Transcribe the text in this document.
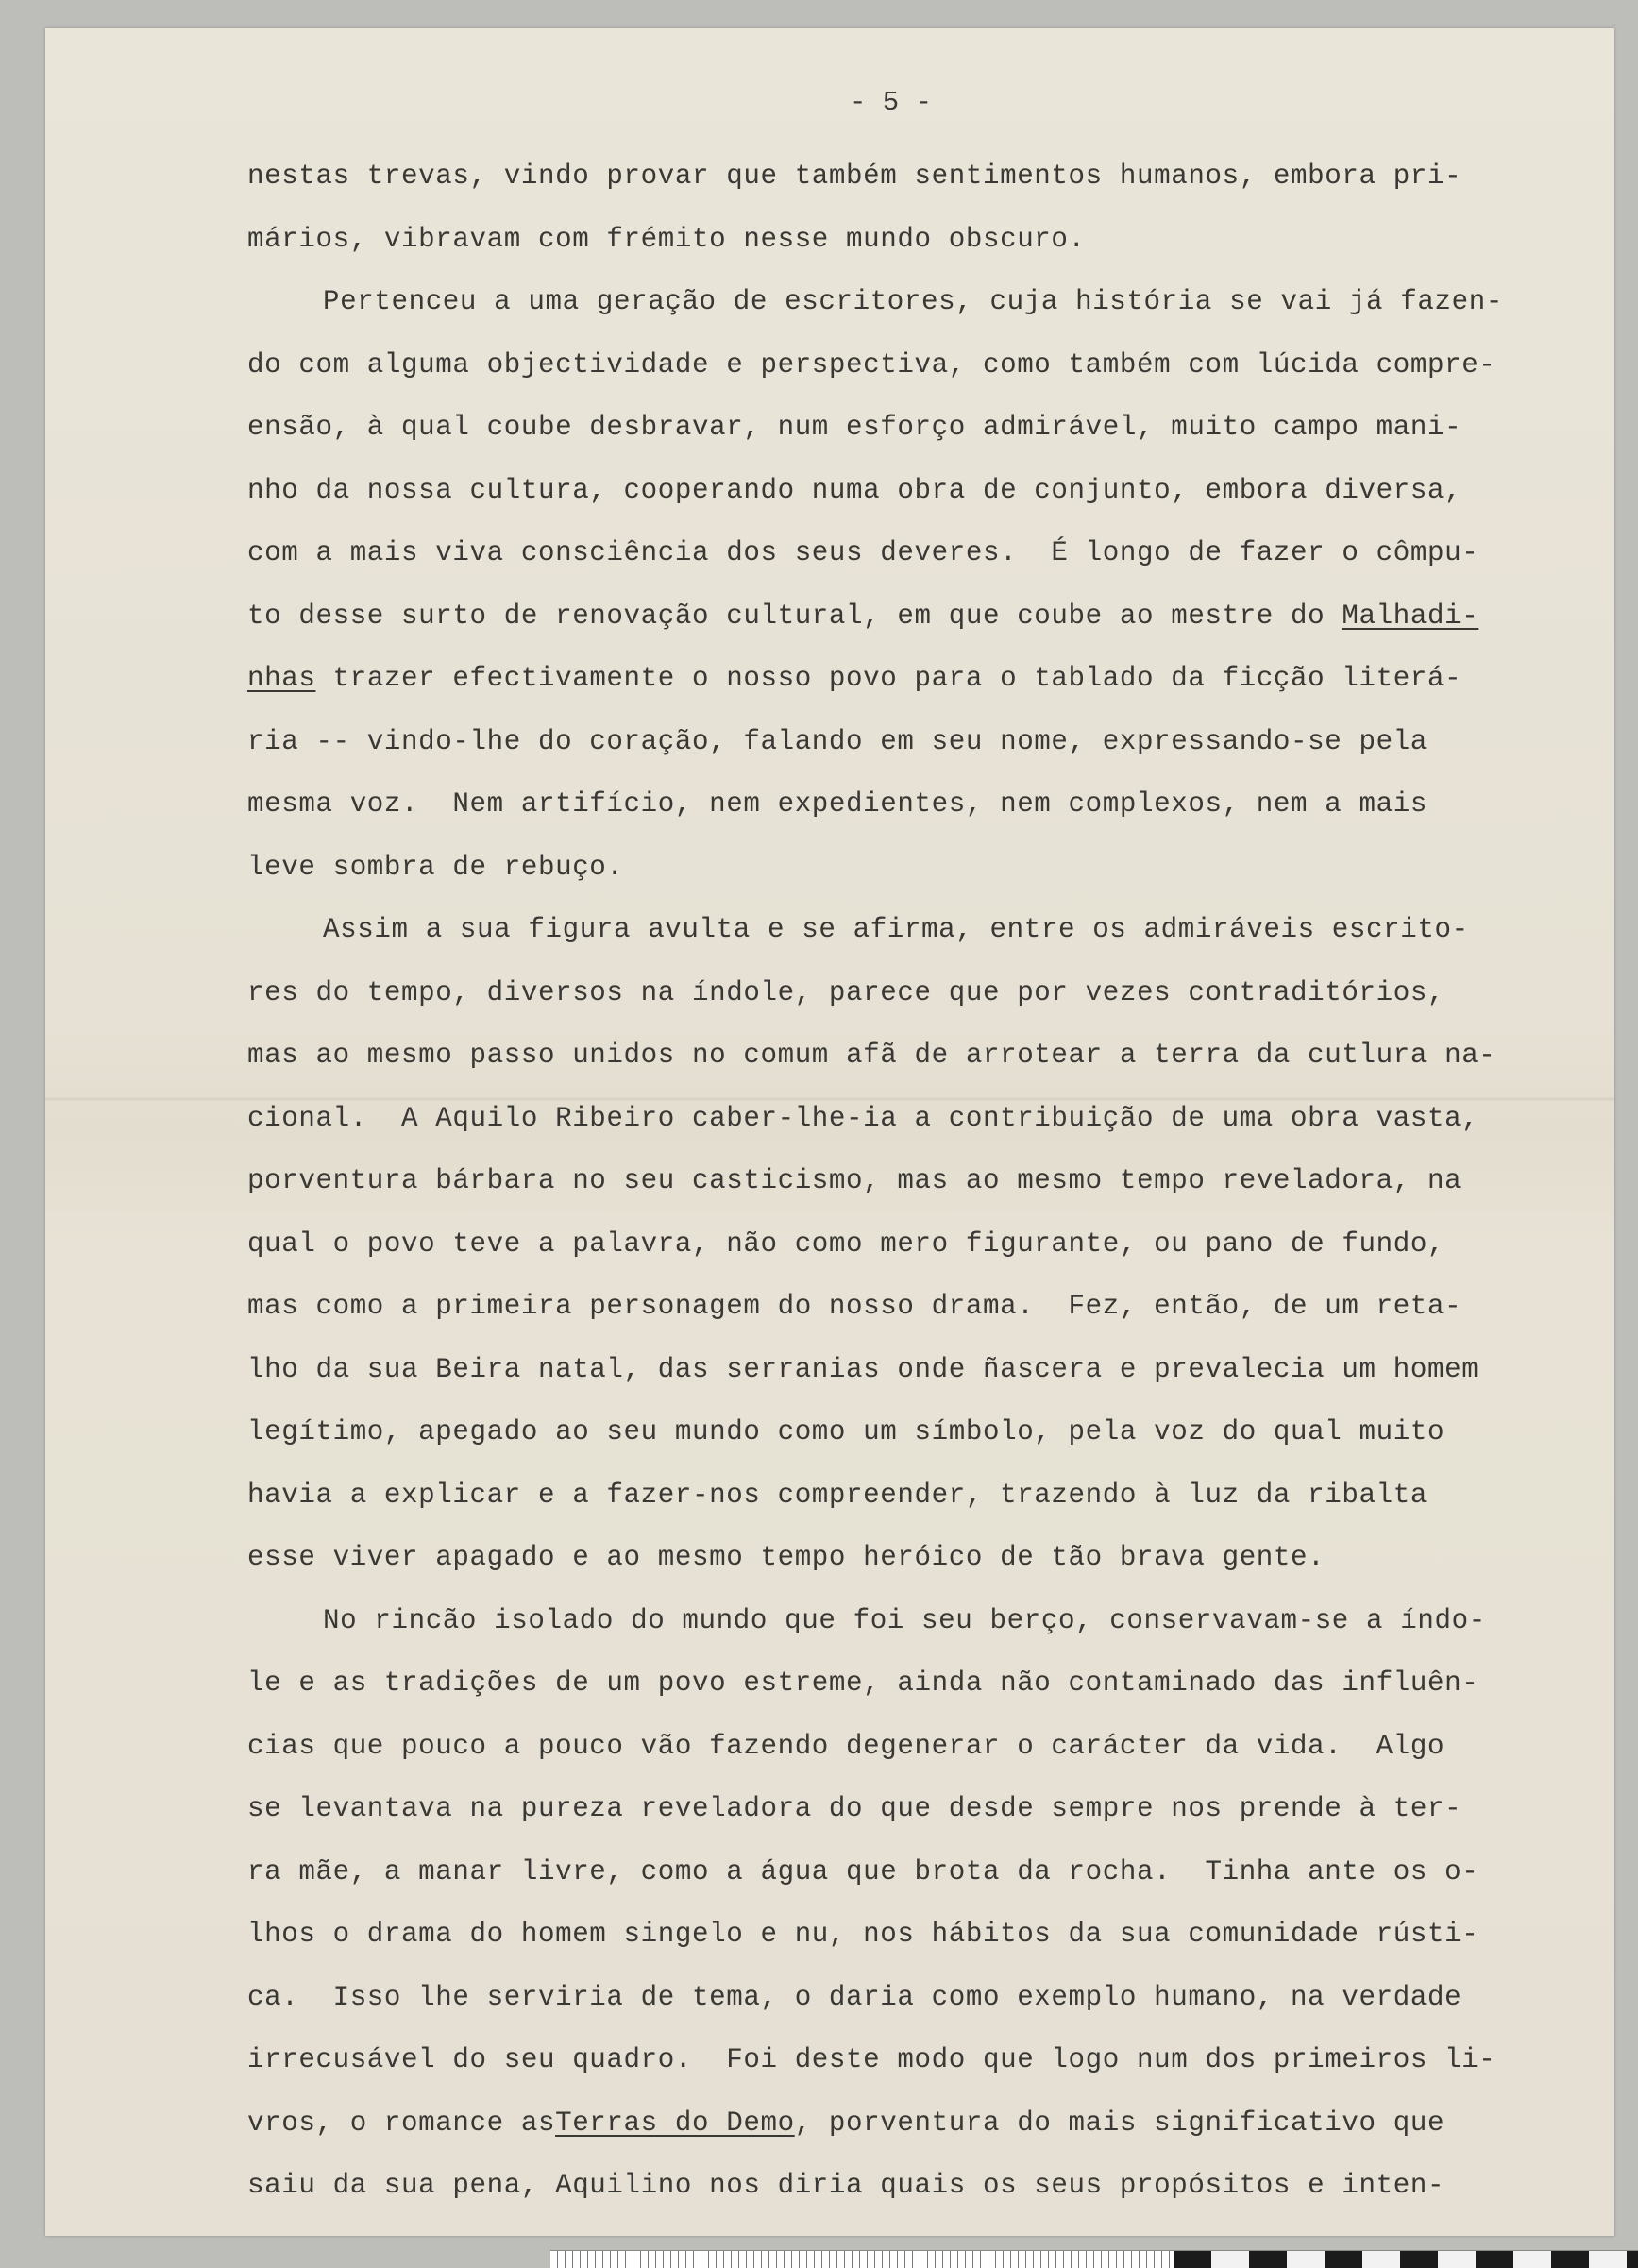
- 5 -
nestas trevas, vindo provar que também sentimentos humanos, embora pri-
mários, vibravam com frémito nesse mundo obscuro.
Pertenceu a uma geração de escritores, cuja história se vai já fazen-
do com alguma objectividade e perspectiva, como também com lúcida compre-
ensão, à qual coube desbravar, num esforço admirável, muito campo mani-
nho da nossa cultura, cooperando numa obra de conjunto, embora diversa,
com a mais viva consciência dos seus deveres.  É longo de fazer o cômpu-
to desse surto de renovação cultural, em que coube ao mestre do Malhadi-
nhas trazer efectivamente o nosso povo para o tablado da ficção literá-
ria -- vindo-lhe do coração, falando em seu nome, expressando-se pela
mesma voz.  Nem artifício, nem expedientes, nem complexos, nem a mais
leve sombra de rebuço.
Assim a sua figura avulta e se afirma, entre os admiráveis escrito-
res do tempo, diversos na índole, parece que por vezes contraditórios,
mas ao mesmo passo unidos no comum afã de arrotear a terra da cutlura na-
cional.  A Aquilo Ribeiro caber-lhe-ia a contribuição de uma obra vasta,
porventura bárbara no seu casticismo, mas ao mesmo tempo reveladora, na
qual o povo teve a palavra, não como mero figurante, ou pano de fundo,
mas como a primeira personagem do nosso drama.  Fez, então, de um reta-
lho da sua Beira natal, das serranias onde ñascera e prevalecia um homem
legítimo, apegado ao seu mundo como um símbolo, pela voz do qual muito
havia a explicar e a fazer-nos compreender, trazendo à luz da ribalta
esse viver apagado e ao mesmo tempo heróico de tão brava gente.
No rincão isolado do mundo que foi seu berço, conservavam-se a índo-
le e as tradições de um povo estreme, ainda não contaminado das influên-
cias que pouco a pouco vão fazendo degenerar o carácter da vida.  Algo
se levantava na pureza reveladora do que desde sempre nos prende à ter-
ra mãe, a manar livre, como a água que brota da rocha.  Tinha ante os o-
lhos o drama do homem singelo e nu, nos hábitos da sua comunidade rústi-
ca.  Isso lhe serviria de tema, o daria como exemplo humano, na verdade
irrecusável do seu quadro.  Foi deste modo que logo num dos primeiros li-
vros, o romance asTerras do Demo, porventura do mais significativo que
saiu da sua pena, Aquilino nos diria quais os seus propósitos e inten-
